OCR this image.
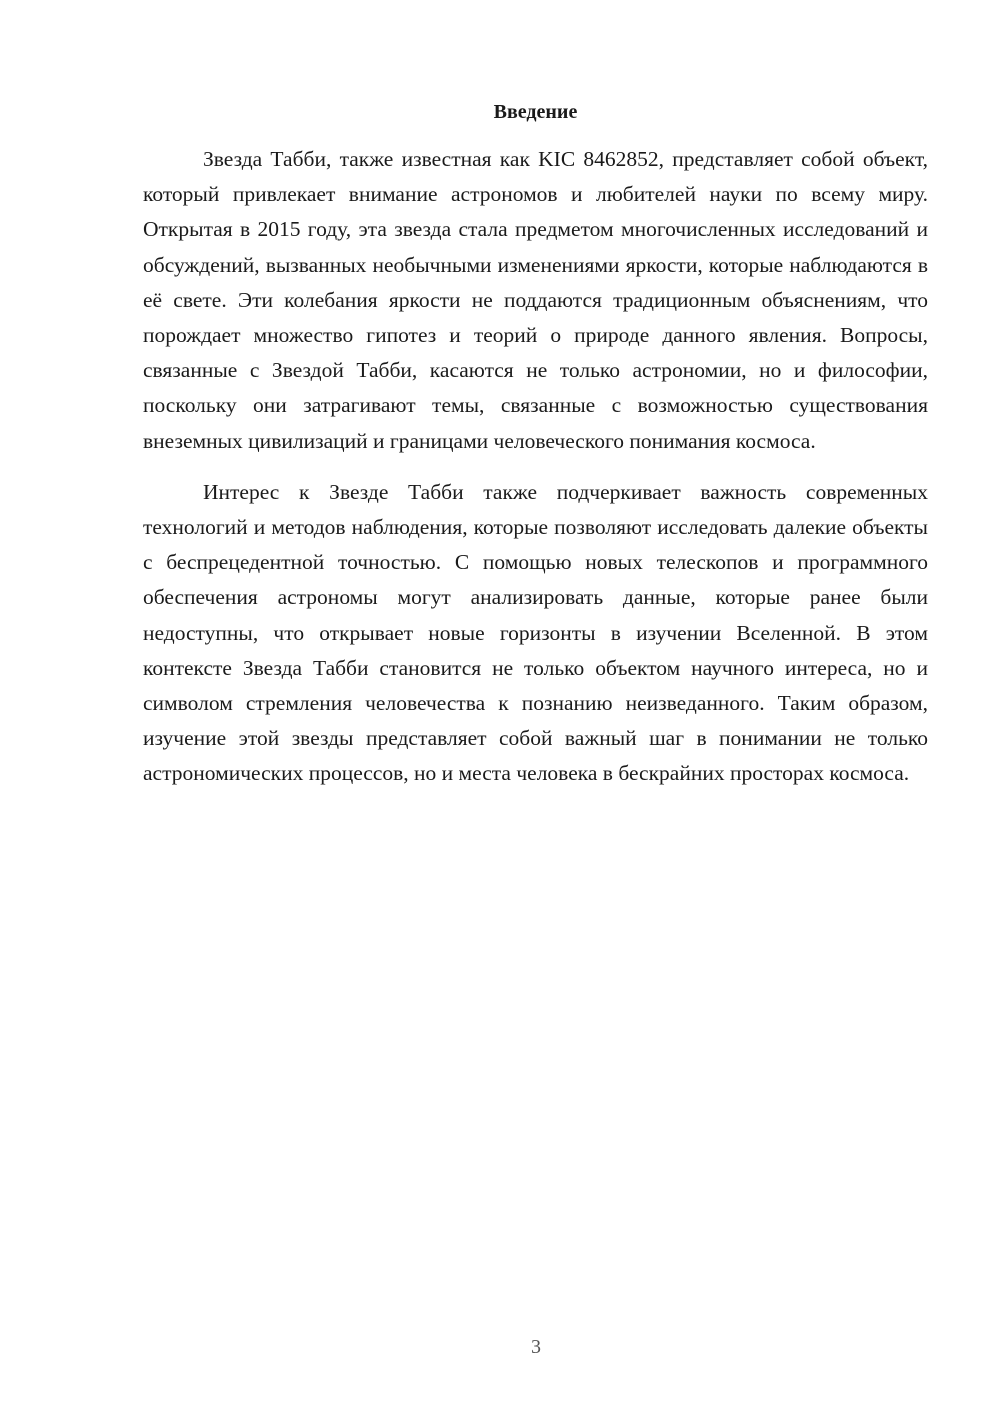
Введение

Звезда Табби, также известная как KIC 8462852, представляет собой объект, который привлекает внимание астрономов и любителей науки по всему миру. Открытая в 2015 году, эта звезда стала предметом многочисленных исследований и обсуждений, вызванных необычными изменениями яркости, которые наблюдаются в её свете. Эти колебания яркости не поддаются традиционным объяснениям, что порождает множество гипотез и теорий о природе данного явления. Вопросы, связанные с Звездой Табби, касаются не только астрономии, но и философии, поскольку они затрагивают темы, связанные с возможностью существования внеземных цивилизаций и границами человеческого понимания космоса.

Интерес к Звезде Табби также подчеркивает важность современных технологий и методов наблюдения, которые позволяют исследовать далекие объекты с беспрецедентной точностью. С помощью новых телескопов и программного обеспечения астрономы могут анализировать данные, которые ранее были недоступны, что открывает новые горизонты в изучении Вселенной. В этом контексте Звезда Табби становится не только объектом научного интереса, но и символом стремления человечества к познанию неизведанного. Таким образом, изучение этой звезды представляет собой важный шаг в понимании не только астрономических процессов, но и места человека в бескрайних просторах космоса.

3
